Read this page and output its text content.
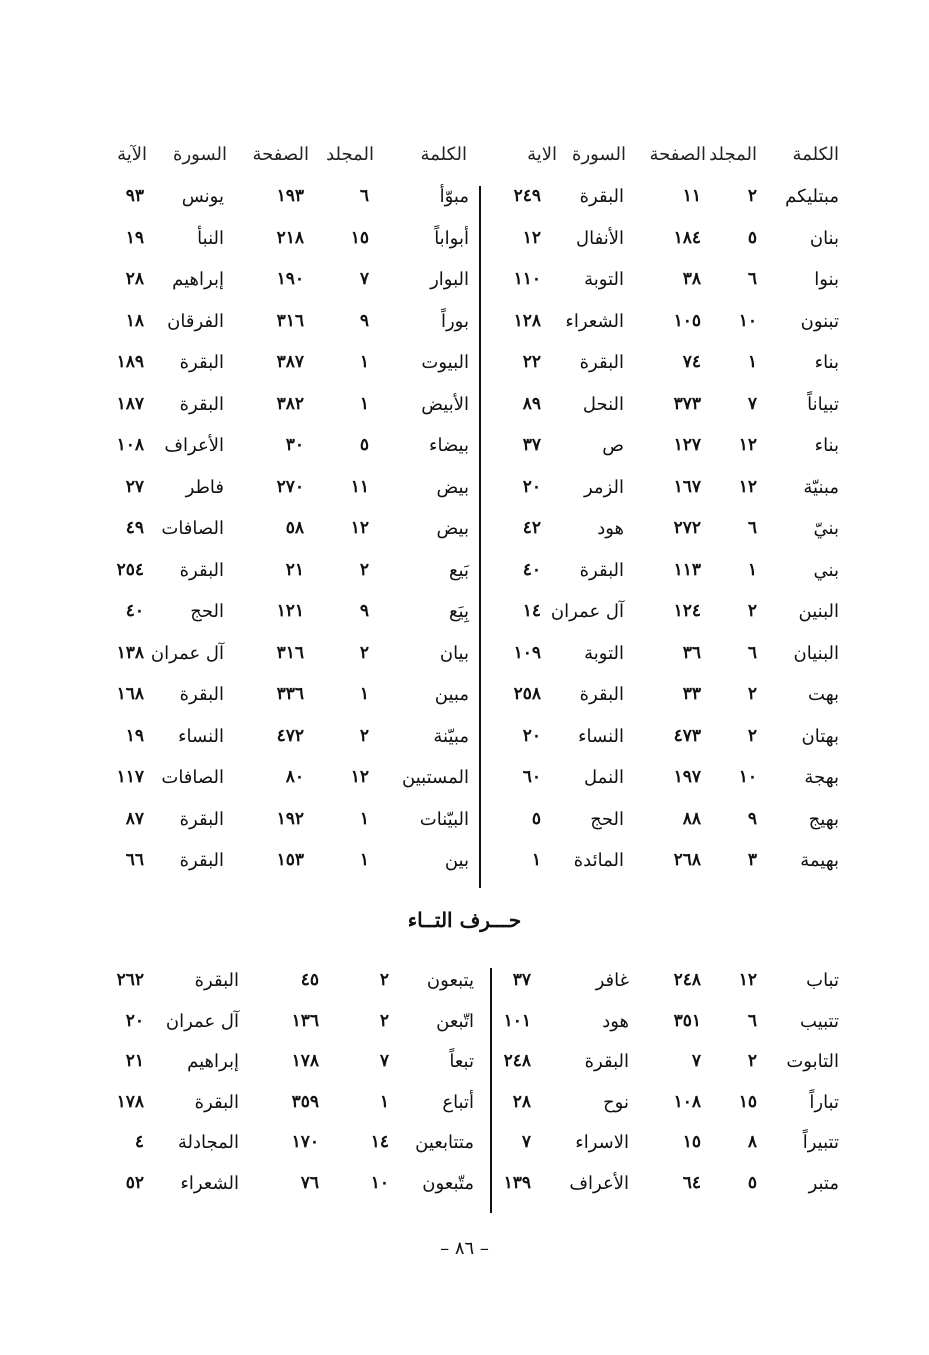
الكلمة
المجلد
الصفحة
السورة
الاية
الكلمة
المجلد
الصفحة
السورة
الآية
مبتليكم
٢
١١
البقرة
٢٤٩
مبوّأ
٦
١٩٣
يونس
٩٣
بنان
٥
١٨٤
الأنفال
١٢
أبواباً
١٥
٢١٨
النبأ
١٩
بنوا
٦
٣٨
التوبة
١١٠
البوار
٧
١٩٠
إبراهيم
٢٨
تبنون
١٠
١٠٥
الشعراء
١٢٨
بوراً
٩
٣١٦
الفرقان
١٨
بناء
١
٧٤
البقرة
٢٢
البيوت
١
٣٨٧
البقرة
١٨٩
تبياناً
٧
٣٧٣
النحل
٨٩
الأبيض
١
٣٨٢
البقرة
١٨٧
بناء
١٢
١٢٧
ص
٣٧
بيضاء
٥
٣٠
الأعراف
١٠٨
مبنيّة
١٢
١٦٧
الزمر
٢٠
بيض
١١
٢٧٠
فاطر
٢٧
بنيّ
٦
٢٧٢
هود
٤٢
بيض
١٢
٥٨
الصافات
٤٩
بني
١
١١٣
البقرة
٤٠
بَيع
٢
٢١
البقرة
٢٥٤
البنين
٢
١٢٤
آل عمران
١٤
بِيَع
٩
١٢١
الحج
٤٠
البنيان
٦
٣٦
التوبة
١٠٩
بيان
٢
٣١٦
آل عمران
١٣٨
بهت
٢
٣٣
البقرة
٢٥٨
مبين
١
٣٣٦
البقرة
١٦٨
بهتان
٢
٤٧٣
النساء
٢٠
مبيّنة
٢
٤٧٢
النساء
١٩
بهجة
١٠
١٩٧
النمل
٦٠
المستبين
١٢
٨٠
الصافات
١١٧
بهيج
٩
٨٨
الحج
٥
البيّنات
١
١٩٢
البقرة
٨٧
بهيمة
٣
٢٦٨
المائدة
١
بين
١
١٥٣
البقرة
٦٦
حـــرف التــاء
تباب
١٢
٢٤٨
غافر
٣٧
يتبعون
٢
٤٥
البقرة
٢٦٢
تتبيب
٦
٣٥١
هود
١٠١
اتّبعن
٢
١٣٦
آل عمران
٢٠
التابوت
٢
٧
البقرة
٢٤٨
تبعاً
٧
١٧٨
إبراهيم
٢١
تباراً
١٥
١٠٨
نوح
٢٨
أتباع
١
٣٥٩
البقرة
١٧٨
تتبيراً
٨
١٥
الاسراء
٧
متتابعين
١٤
١٧٠
المجادلة
٤
متبر
٥
٦٤
الأعراف
١٣٩
متّبعون
١٠
٧٦
الشعراء
٥٢
– ٨٦ –
